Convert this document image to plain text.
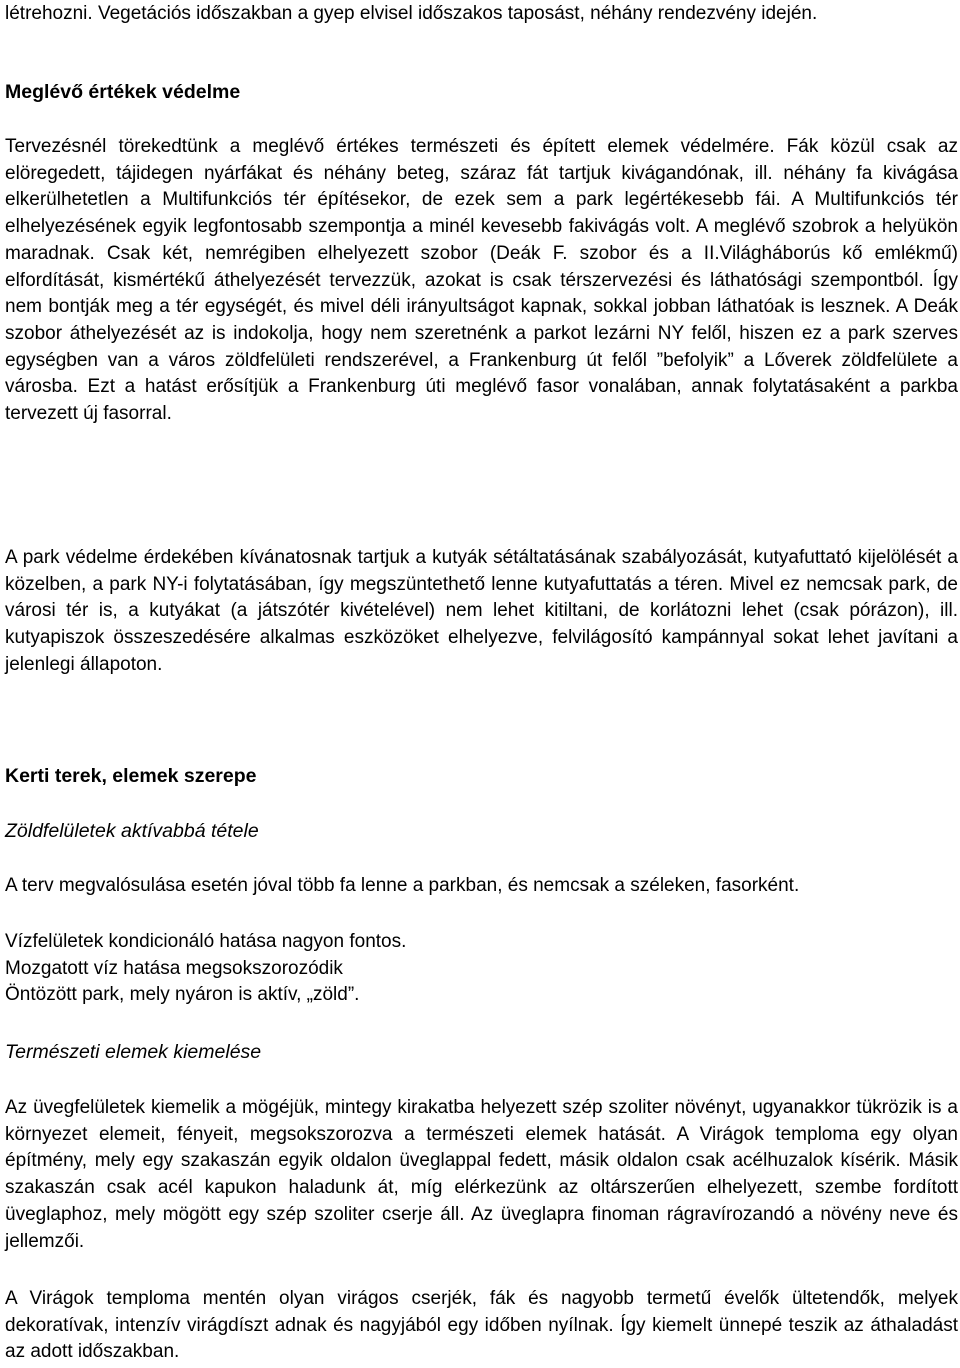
létrehozni. Vegetációs időszakban a gyep elvisel időszakos taposást, néhány rendezvény idején.

Meglévő értékek védelme

Tervezésnél törekedtünk a meglévő értékes természeti és épített elemek védelmére. Fák közül csak az elöregedett, tájidegen nyárfákat és néhány beteg, száraz fát tartjuk kivágandónak, ill. néhány fa kivágása elkerülhetetlen a Multifunkciós tér építésekor, de ezek sem a park legértékesebb fái. A Multifunkciós tér elhelyezésének egyik legfontosabb szempontja a minél kevesebb fakivágás volt. A meglévő szobrok a helyükön maradnak. Csak két, nemrégiben elhelyezett szobor (Deák F. szobor és a II.Világháborús kő emlékmű) elfordítását, kismértékű áthelyezését tervezzük, azokat is csak térszervezési és láthatósági szempontból. Így nem bontják meg a tér egységét, és mivel déli irányultságot kapnak, sokkal jobban láthatóak is lesznek. A Deák szobor áthelyezését az is indokolja, hogy nem szeretnénk a parkot lezárni NY felől, hiszen ez a park szerves egységben van a város zöldfelületi rendszerével, a Frankenburg út felől ”befolyik” a Lőverek zöldfelülete a városba. Ezt a hatást erősítjük a Frankenburg úti meglévő fasor vonalában, annak folytatásaként a parkba tervezett új fasorral.

A park védelme érdekében kívánatosnak tartjuk a kutyák sétáltatásának szabályozását, kutyafuttató kijelölését a közelben, a park NY-i folytatásában, így megszüntethető lenne kutyafuttatás a téren. Mivel ez nemcsak park, de városi tér is, a kutyákat (a játszótér kivételével) nem lehet kitiltani, de korlátozni lehet (csak pórázon), ill. kutyapiszok összeszedésére alkalmas eszközöket elhelyezve, felvilágosító kampánnyal sokat lehet javítani a jelenlegi állapoton.

Kerti terek, elemek szerepe

Zöldfelületek aktívabbá tétele

A terv megvalósulása esetén jóval több fa lenne a parkban, és nemcsak a széleken, fasorként.

Vízfelületek kondicionáló hatása nagyon fontos.
Mozgatott víz hatása megsokszorozódik
Öntözött park, mely nyáron is aktív, „zöld”.

Természeti elemek kiemelése

Az üvegfelületek kiemelik a mögéjük, mintegy kirakatba helyezett szép szoliter növényt, ugyanakkor tükrözik is a környezet elemeit, fényeit, megsokszorozva a természeti elemek hatását. A Virágok temploma egy olyan építmény, mely egy szakaszán egyik oldalon üveglappal fedett, másik oldalon csak acélhuzalok kísérik. Másik szakaszán csak acél kapukon haladunk át, míg elérkezünk az oltárszerűen elhelyezett, szembe fordított üveglaphoz, mely mögött egy szép szoliter cserje áll. Az üveglapra finoman rágravírozandó a növény neve és jellemzői.

A Virágok temploma mentén olyan virágos cserjék, fák és nagyobb termetű évelők ültetendők, melyek dekoratívak, intenzív virágdíszt adnak és nagyjából egy időben nyílnak. Így kiemelt ünnepé teszik az áthaladást az adott időszakban.
